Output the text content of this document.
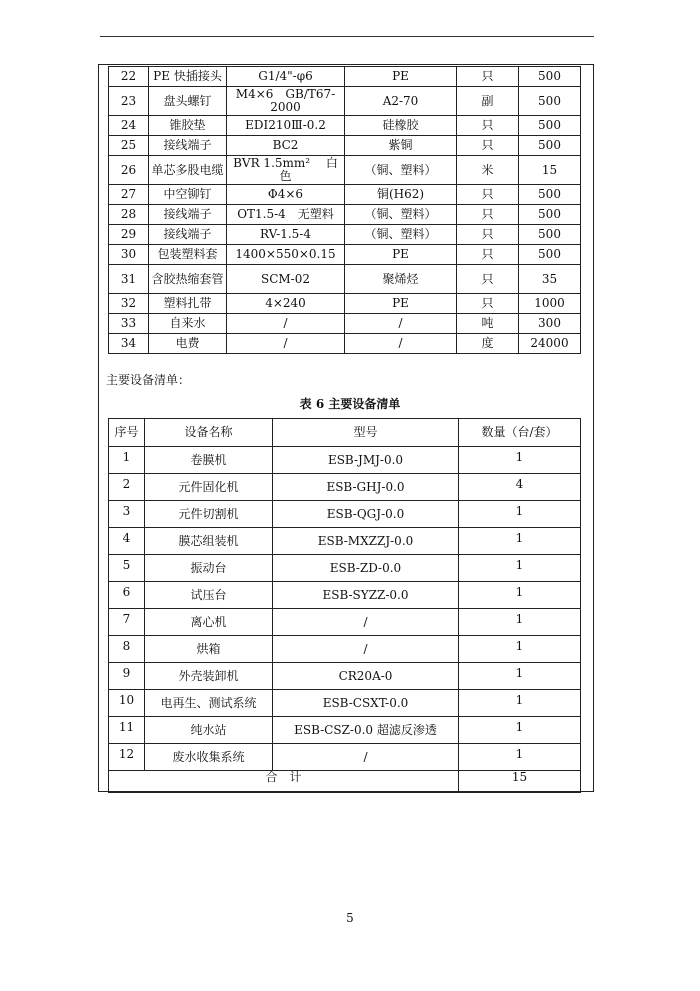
22	PE 快插接头	G1/4"-φ6	PE	只	500
23	盘头螺钉	M4×6　GB/T67-2000	A2-70	副	500
24	锥胶垫	EDI210Ⅲ-0.2	硅橡胶	只	500
25	接线端子	BC2	紫铜	只	500
26	单芯多股电缆	BVR 1.5mm² 　白色	（铜、塑料）	米	15
27	中空铆钉	Φ4×6	铜(H62)	只	500
28	接线端子	OT1.5-4　无塑料	（铜、塑料）	只	500
29	接线端子	RV-1.5-4	（铜、塑料）	只	500
30	包装塑料套	1400×550×0.15	PE	只	500
31	含胶热缩套管	SCM-02	聚烯烃	只	35
32	塑料扎带	4×240	PE	只	1000
33	自来水	/	/	吨	300
34	电费	/	/	度	24000
主要设备清单：
表 6 主要设备清单
序号	设备名称	型号	数量（台/套）
1	卷膜机	ESB-JMJ-0.0	1
2	元件固化机	ESB-GHJ-0.0	4
3	元件切割机	ESB-QGJ-0.0	1
4	膜芯组装机	ESB-MXZZJ-0.0	1
5	振动台	ESB-ZD-0.0	1
6	试压台	ESB-SYZZ-0.0	1
7	离心机	/	1
8	烘箱	/	1
9	外壳装卸机	CR20A-0	1
10	电再生、测试系统	ESB-CSXT-0.0	1
11	纯水站	ESB-CSZ-0.0 超滤反渗透	1
12	废水收集系统	/	1
合　计			15
5
